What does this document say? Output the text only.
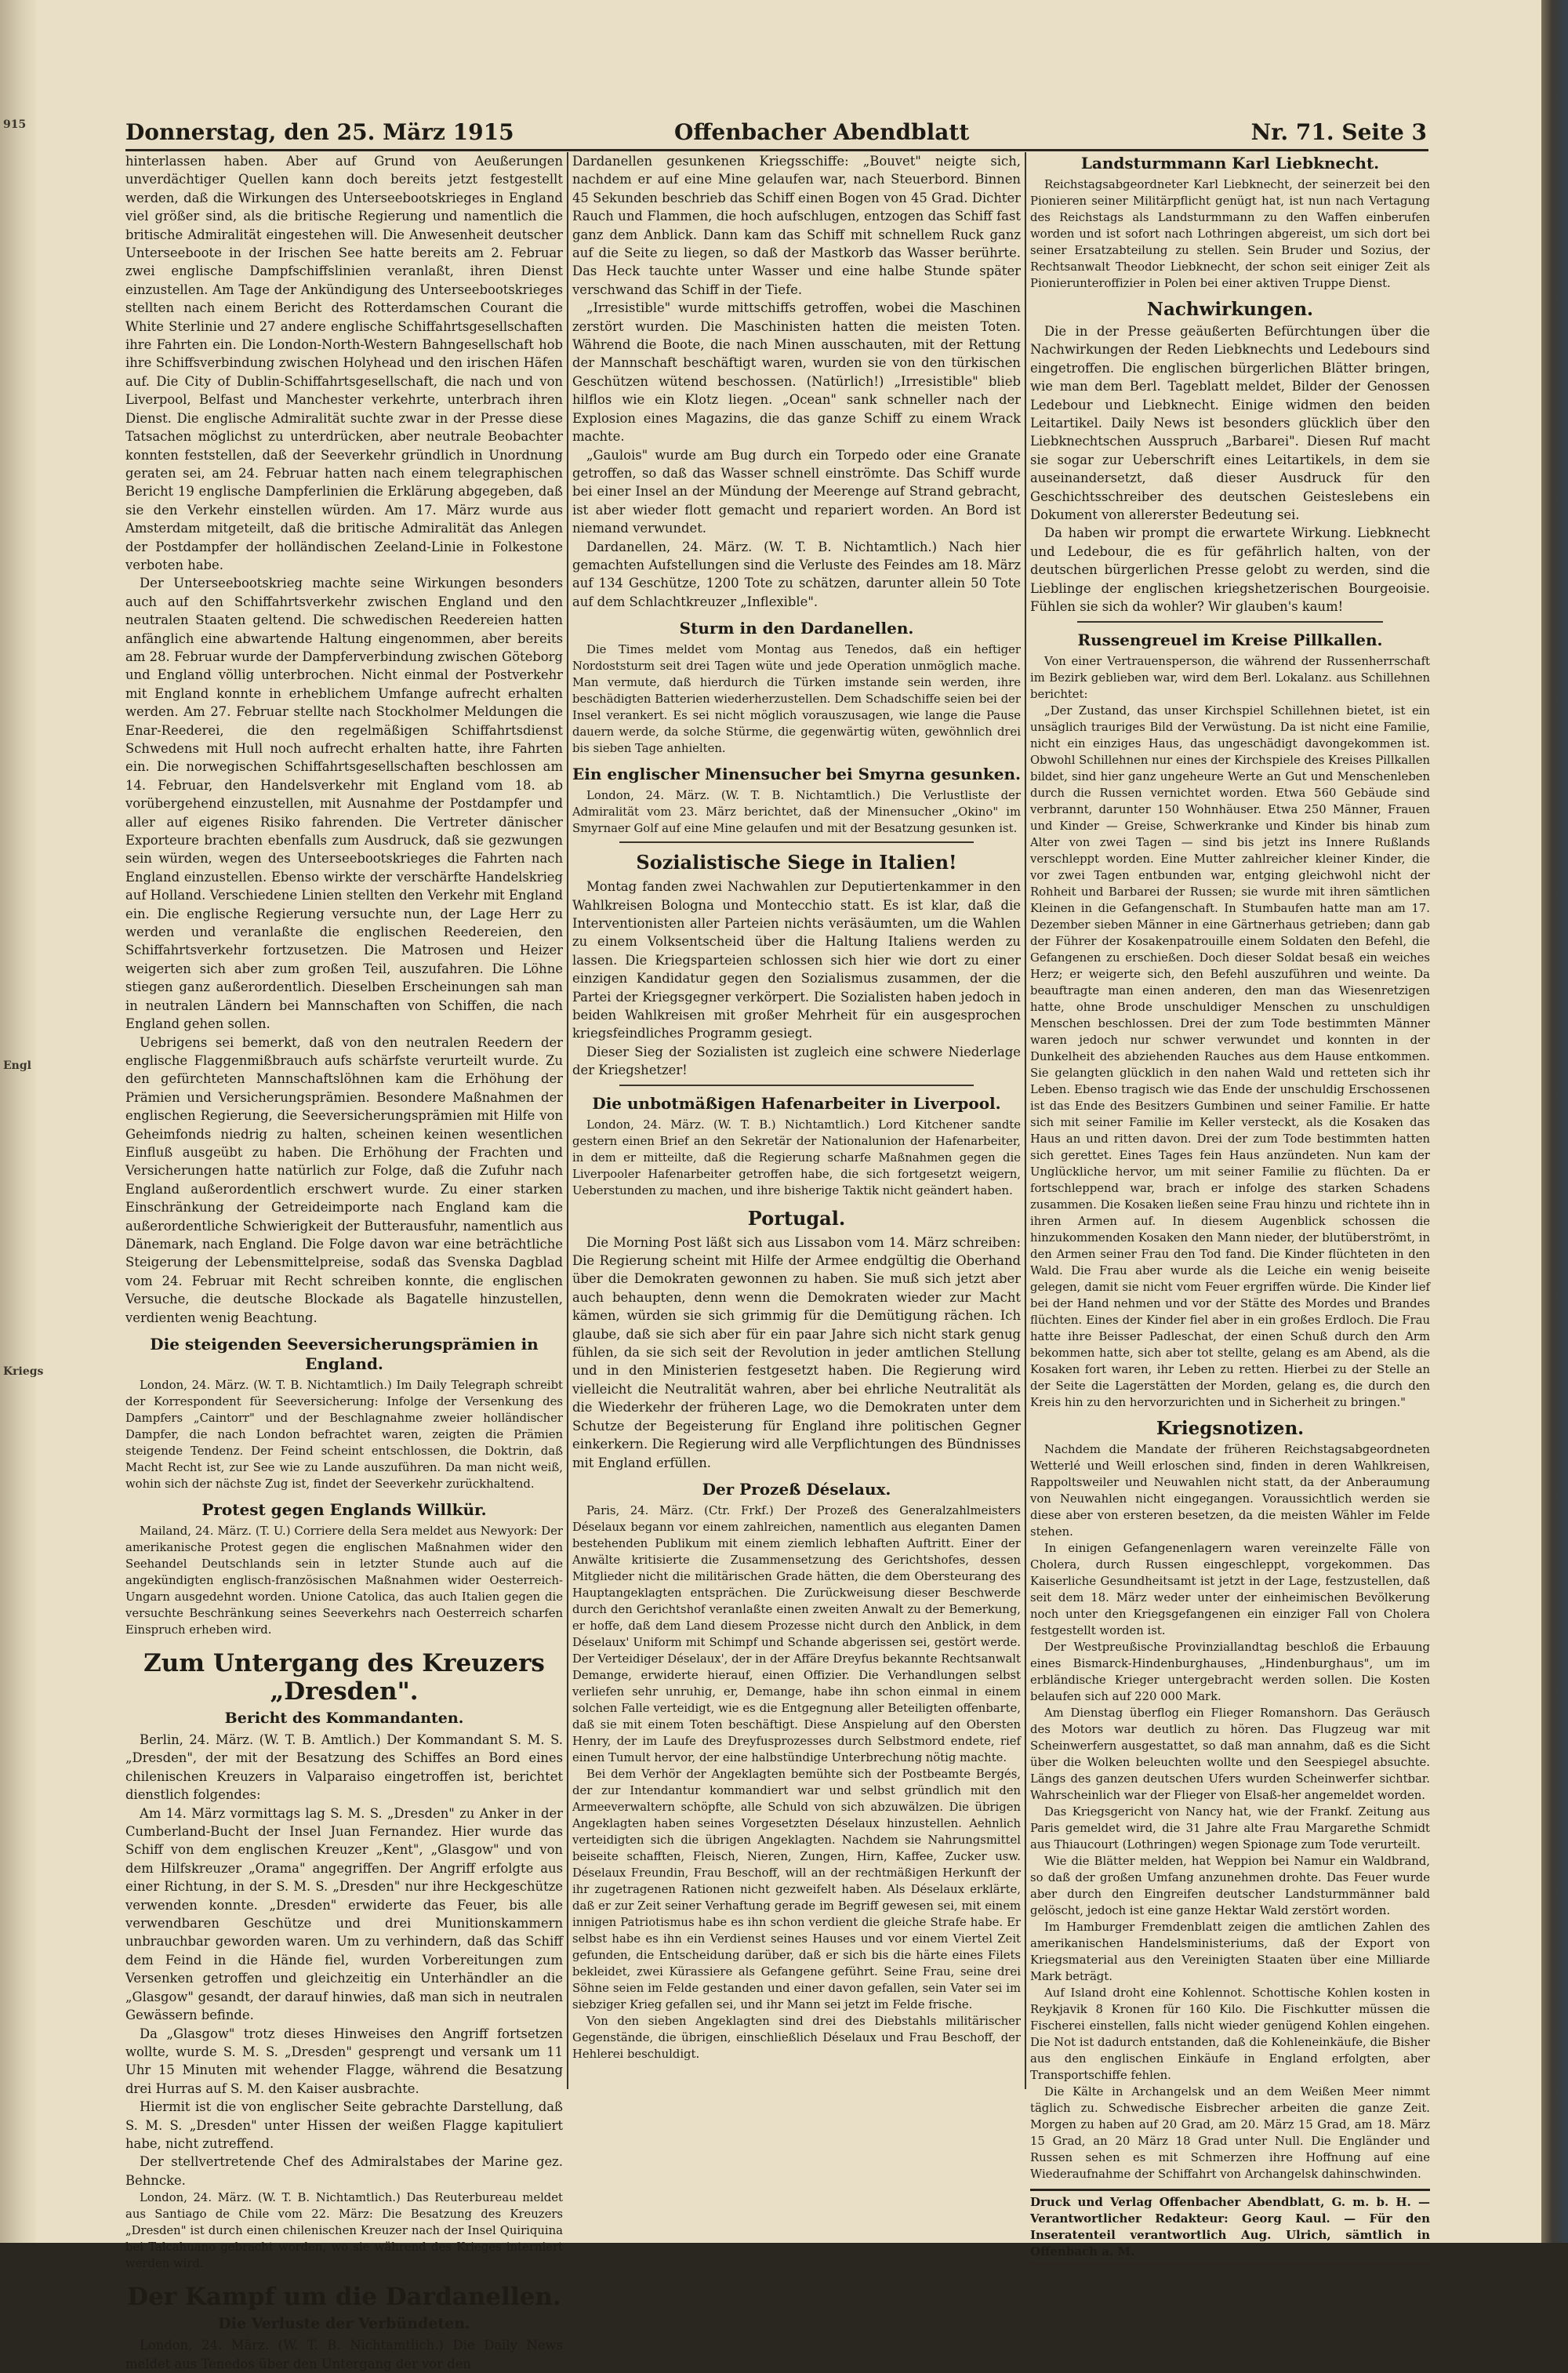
915
Engl
Kriegs
Donnerstag, den 25. März 1915	Offenbacher Abendblatt	Nr. 71. Seite 3

hinterlassen haben. Aber auf Grund von Aeußerungen unverdächtiger Quellen kann doch bereits jetzt festgestellt werden, daß die Wirkungen des Unterseebootskrieges in England viel größer sind, als die britische Regierung und namentlich die britische Admiralität eingestehen will. Die Anwesenheit deutscher Unterseeboote in der Irischen See hatte bereits am 2. Februar zwei englische Dampfschiffslinien veranlaßt, ihren Dienst einzustellen. Am Tage der Ankündigung des Unterseebootskrieges stellten nach einem Bericht des Rotterdamschen Courant die White Sterlinie und 27 andere englische Schiffahrtsgesellschaften ihre Fahrten ein. Die London-North-Western Bahngesellschaft hob ihre Schiffsverbindung zwischen Holyhead und den irischen Häfen auf. Die City of Dublin-Schiffahrtsgesellschaft, die nach und von Liverpool, Belfast und Manchester verkehrte, unterbrach ihren Dienst. Die englische Admiralität suchte zwar in der Presse diese Tatsachen möglichst zu unterdrücken, aber neutrale Beobachter konnten feststellen, daß der Seeverkehr gründlich in Unordnung geraten sei, am 24. Februar hatten nach einem telegraphischen Bericht 19 englische Dampferlinien die Erklärung abgegeben, daß sie den Verkehr einstellen würden. Am 17. März wurde aus Amsterdam mitgeteilt, daß die britische Admiralität das Anlegen der Postdampfer der holländischen Zeeland-Linie in Folkestone verboten habe.

Der Unterseebootskrieg machte seine Wirkungen besonders auch auf den Schiffahrtsverkehr zwischen England und den neutralen Staaten geltend. Die schwedischen Reedereien hatten anfänglich eine abwartende Haltung eingenommen, aber bereits am 28. Februar wurde der Dampferverbindung zwischen Göteborg und England völlig unterbrochen. Nicht einmal der Postverkehr mit England konnte in erheblichem Umfange aufrecht erhalten werden. Am 27. Februar stellte nach Stockholmer Meldungen die Enar-Reederei, die den regelmäßigen Schiffahrtsdienst Schwedens mit Hull noch aufrecht erhalten hatte, ihre Fahrten ein. Die norwegischen Schiffahrtsgesellschaften beschlossen am 14. Februar, den Handelsverkehr mit England vom 18. ab vorübergehend einzustellen, mit Ausnahme der Postdampfer und aller auf eigenes Risiko fahrenden. Die Vertreter dänischer Exporteure brachten ebenfalls zum Ausdruck, daß sie gezwungen sein würden, wegen des Unterseebootskrieges die Fahrten nach England einzustellen. Ebenso wirkte der verschärfte Handelskrieg auf Holland. Verschiedene Linien stellten den Verkehr mit England ein. Die englische Regierung versuchte nun, der Lage Herr zu werden und veranlaßte die englischen Reedereien, den Schiffahrtsverkehr fortzusetzen. Die Matrosen und Heizer weigerten sich aber zum großen Teil, auszufahren. Die Löhne stiegen ganz außerordentlich. Dieselben Erscheinungen sah man in neutralen Ländern bei Mannschaften von Schiffen, die nach England gehen sollen.

Uebrigens sei bemerkt, daß von den neutralen Reedern der englische Flaggenmißbrauch aufs schärfste verurteilt wurde. Zu den gefürchteten Mannschaftslöhnen kam die Erhöhung der Prämien und Versicherungsprämien. Besondere Maßnahmen der englischen Regierung, die Seeversicherungsprämien mit Hilfe von Geheimfonds niedrig zu halten, scheinen keinen wesentlichen Einfluß ausgeübt zu haben. Die Erhöhung der Frachten und Versicherungen hatte natürlich zur Folge, daß die Zufuhr nach England außerordentlich erschwert wurde. Zu einer starken Einschränkung der Getreideimporte nach England kam die außerordentliche Schwierigkeit der Butterausfuhr, namentlich aus Dänemark, nach England. Die Folge davon war eine beträchtliche Steigerung der Lebensmittelpreise, sodaß das Svenska Dagblad vom 24. Februar mit Recht schreiben konnte, die englischen Versuche, die deutsche Blockade als Bagatelle hinzustellen, verdienten wenig Beachtung.

Die steigenden Seeversicherungsprämien in England.

London, 24. März. (W. T. B. Nichtamtlich.) Im Daily Telegraph schreibt der Korrespondent für Seeversicherung: Infolge der Versenkung des Dampfers „Caintorr" und der Beschlagnahme zweier holländischer Dampfer, die nach London befrachtet waren, zeigten die Prämien steigende Tendenz. Der Feind scheint entschlossen, die Doktrin, daß Macht Recht ist, zur See wie zu Lande auszuführen. Da man nicht weiß, wohin sich der nächste Zug ist, findet der Seeverkehr zurückhaltend.

Protest gegen Englands Willkür.

Mailand, 24. März. (T. U.) Corriere della Sera meldet aus Newyork: Der amerikanische Protest gegen die englischen Maßnahmen wider den Seehandel Deutschlands sein in letzter Stunde auch auf die angekündigten englisch-französischen Maßnahmen wider Oesterreich-Ungarn ausgedehnt worden. Unione Catolica, das auch Italien gegen die versuchte Beschränkung seines Seeverkehrs nach Oesterreich scharfen Einspruch erheben wird.

Zum Untergang des Kreuzers „Dresden".
Bericht des Kommandanten.

Berlin, 24. März. (W. T. B. Amtlich.) Der Kommandant S. M. S. „Dresden", der mit der Besatzung des Schiffes an Bord eines chilenischen Kreuzers in Valparaiso eingetroffen ist, berichtet dienstlich folgendes:

Am 14. März vormittags lag S. M. S. „Dresden" zu Anker in der Cumberland-Bucht der Insel Juan Fernandez. Hier wurde das Schiff von dem englischen Kreuzer „Kent", „Glasgow" und von dem Hilfskreuzer „Orama" angegriffen. Der Angriff erfolgte aus einer Richtung, in der S. M. S. „Dresden" nur ihre Heckgeschütze verwenden konnte. „Dresden" erwiderte das Feuer, bis alle verwendbaren Geschütze und drei Munitionskammern unbrauchbar geworden waren. Um zu verhindern, daß das Schiff dem Feind in die Hände fiel, wurden Vorbereitungen zum Versenken getroffen und gleichzeitig ein Unterhändler an die „Glasgow" gesandt, der darauf hinwies, daß man sich in neutralen Gewässern befinde.

Da „Glasgow" trotz dieses Hinweises den Angriff fortsetzen wollte, wurde S. M. S. „Dresden" gesprengt und versank um 11 Uhr 15 Minuten mit wehender Flagge, während die Besatzung drei Hurras auf S. M. den Kaiser ausbrachte.

Hiermit ist die von englischer Seite gebrachte Darstellung, daß S. M. S. „Dresden" unter Hissen der weißen Flagge kapituliert habe, nicht zutreffend.

Der stellvertretende Chef des Admiralstabes der Marine gez. Behncke.

London, 24. März. (W. T. B. Nichtamtlich.) Das Reuterbureau meldet aus Santiago de Chile vom 22. März: Die Besatzung des Kreuzers „Dresden" ist durch einen chilenischen Kreuzer nach der Insel Quiriquina bei Talcahuano gebracht worden, wo sie während des Krieges interniert werden wird.

Der Kampf um die Dardanellen.
Die Verluste der Verbündeten.

London, 24. März. (W. T. B. Nichtamtlich.) Die Daily News meldet aus Tenedos über den Untergang der vor den

Dardanellen gesunkenen Kriegsschiffe: „Bouvet" neigte sich, nachdem er auf eine Mine gelaufen war, nach Steuerbord. Binnen 45 Sekunden beschrieb das Schiff einen Bogen von 45 Grad. Dichter Rauch und Flammen, die hoch aufschlugen, entzogen das Schiff fast ganz dem Anblick. Dann kam das Schiff mit schnellem Ruck ganz auf die Seite zu liegen, so daß der Mastkorb das Wasser berührte. Das Heck tauchte unter Wasser und eine halbe Stunde später verschwand das Schiff in der Tiefe.

„Irresistible" wurde mittschiffs getroffen, wobei die Maschinen zerstört wurden. Die Maschinisten hatten die meisten Toten. Während die Boote, die nach Minen ausschauten, mit der Rettung der Mannschaft beschäftigt waren, wurden sie von den türkischen Geschützen wütend beschossen. (Natürlich!) „Irresistible" blieb hilflos wie ein Klotz liegen. „Ocean" sank schneller nach der Explosion eines Magazins, die das ganze Schiff zu einem Wrack machte.

„Gaulois" wurde am Bug durch ein Torpedo oder eine Granate getroffen, so daß das Wasser schnell einströmte. Das Schiff wurde bei einer Insel an der Mündung der Meerenge auf Strand gebracht, ist aber wieder flott gemacht und repariert worden. An Bord ist niemand verwundet.

Dardanellen, 24. März. (W. T. B. Nichtamtlich.) Nach hier gemachten Aufstellungen sind die Verluste des Feindes am 18. März auf 134 Geschütze, 1200 Tote zu schätzen, darunter allein 50 Tote auf dem Schlachtkreuzer „Inflexible".

Sturm in den Dardanellen.

Die Times meldet vom Montag aus Tenedos, daß ein heftiger Nordoststurm seit drei Tagen wüte und jede Operation unmöglich mache. Man vermute, daß hierdurch die Türken imstande sein werden, ihre beschädigten Batterien wiederherzustellen. Dem Schadschiffe seien bei der Insel verankert. Es sei nicht möglich vorauszusagen, wie lange die Pause dauern werde, da solche Stürme, die gegenwärtig wüten, gewöhnlich drei bis sieben Tage anhielten.

Ein englischer Minensucher bei Smyrna gesunken.

London, 24. März. (W. T. B. Nichtamtlich.) Die Verlustliste der Admiralität vom 23. März berichtet, daß der Minensucher „Okino" im Smyrnaer Golf auf eine Mine gelaufen und mit der Besatzung gesunken ist.

Sozialistische Siege in Italien!

Montag fanden zwei Nachwahlen zur Deputiertenkammer in den Wahlkreisen Bologna und Montecchio statt. Es ist klar, daß die Interventionisten aller Parteien nichts veräsäumten, um die Wahlen zu einem Volksentscheid über die Haltung Italiens werden zu lassen. Die Kriegsparteien schlossen sich hier wie dort zu einer einzigen Kandidatur gegen den Sozialismus zusammen, der die Partei der Kriegsgegner verkörpert. Die Sozialisten haben jedoch in beiden Wahlkreisen mit großer Mehrheit für ein ausgesprochen kriegsfeindliches Programm gesiegt.

Dieser Sieg der Sozialisten ist zugleich eine schwere Niederlage der Kriegshetzer!

Die unbotmäßigen Hafenarbeiter in Liverpool.

London, 24. März. (W. T. B.) Nichtamtlich.) Lord Kitchener sandte gestern einen Brief an den Sekretär der Nationalunion der Hafenarbeiter, in dem er mitteilte, daß die Regierung scharfe Maßnahmen gegen die Liverpooler Hafenarbeiter getroffen habe, die sich fortgesetzt weigern, Ueberstunden zu machen, und ihre bisherige Taktik nicht geändert haben.

Portugal.

Die Morning Post läßt sich aus Lissabon vom 14. März schreiben: Die Regierung scheint mit Hilfe der Armee endgültig die Oberhand über die Demokraten gewonnen zu haben. Sie muß sich jetzt aber auch behaupten, denn wenn die Demokraten wieder zur Macht kämen, würden sie sich grimmig für die Demütigung rächen. Ich glaube, daß sie sich aber für ein paar Jahre sich nicht stark genug fühlen, da sie sich seit der Revolution in jeder amtlichen Stellung und in den Ministerien festgesetzt haben. Die Regierung wird vielleicht die Neutralität wahren, aber bei ehrliche Neutralität als die Wiederkehr der früheren Lage, wo die Demokraten unter dem Schutze der Begeisterung für England ihre politischen Gegner einkerkern. Die Regierung wird alle Verpflichtungen des Bündnisses mit England erfüllen.

Der Prozeß Déselaux.

Paris, 24. März. (Ctr. Frkf.) Der Prozeß des Generalzahlmeisters Déselaux begann vor einem zahlreichen, namentlich aus eleganten Damen bestehenden Publikum mit einem ziemlich lebhaften Auftritt. Einer der Anwälte kritisierte die Zusammensetzung des Gerichtshofes, dessen Mitglieder nicht die militärischen Grade hätten, die dem Obersteurang des Hauptangeklagten entsprächen. Die Zurückweisung dieser Beschwerde durch den Gerichtshof veranlaßte einen zweiten Anwalt zu der Bemerkung, er hoffe, daß dem Land diesem Prozesse nicht durch den Anblick, in dem Déselaux' Uniform mit Schimpf und Schande abgerissen sei, gestört werde. Der Verteidiger Déselaux', der in der Affäre Dreyfus bekannte Rechtsanwalt Demange, erwiderte hierauf, einen Offizier. Die Verhandlungen selbst verliefen sehr unruhig, er, Demange, habe ihn schon einmal in einem solchen Falle verteidigt, wie es die Entgegnung aller Beteiligten offenbarte, daß sie mit einem Toten beschäftigt. Diese Anspielung auf den Obersten Henry, der im Laufe des Dreyfusprozesses durch Selbstmord endete, rief einen Tumult hervor, der eine halbstündige Unterbrechung nötig machte.

Bei dem Verhör der Angeklagten bemühte sich der Postbeamte Bergés, der zur Intendantur kommandiert war und selbst gründlich mit den Armeeverwaltern schöpfte, alle Schuld von sich abzuwälzen. Die übrigen Angeklagten haben seines Vorgesetzten Déselaux hinzustellen. Aehnlich verteidigten sich die übrigen Angeklagten. Nachdem sie Nahrungsmittel beiseite schafften, Fleisch, Nieren, Zungen, Hirn, Kaffee, Zucker usw. Déselaux Freundin, Frau Beschoff, will an der rechtmäßigen Herkunft der ihr zugetragenen Rationen nicht gezweifelt haben. Als Déselaux erklärte, daß er zur Zeit seiner Verhaftung gerade im Begriff gewesen sei, mit einem innigen Patriotismus habe es ihn schon verdient die gleiche Strafe habe. Er selbst habe es ihn ein Verdienst seines Hauses und vor einem Viertel Zeit gefunden, die Entscheidung darüber, daß er sich bis die härte eines Filets bekleidet, zwei Kürassiere als Gefangene geführt. Seine Frau, seine drei Söhne seien im Felde gestanden und einer davon gefallen, sein Vater sei im siebziger Krieg gefallen sei, und ihr Mann sei jetzt im Felde frische.

Von den sieben Angeklagten sind drei des Diebstahls militärischer Gegenstände, die übrigen, einschließlich Déselaux und Frau Beschoff, der Hehlerei beschuldigt.

Landsturmmann Karl Liebknecht.

Reichstagsabgeordneter Karl Liebknecht, der seinerzeit bei den Pionieren seiner Militärpflicht genügt hat, ist nun nach Vertagung des Reichstags als Landsturmmann zu den Waffen einberufen worden und ist sofort nach Lothringen abgereist, um sich dort bei seiner Ersatzabteilung zu stellen. Sein Bruder und Sozius, der Rechtsanwalt Theodor Liebknecht, der schon seit einiger Zeit als Pionierunteroffizier in Polen bei einer aktiven Truppe Dienst.

Nachwirkungen.

Die in der Presse geäußerten Befürchtungen über die Nachwirkungen der Reden Liebknechts und Ledebours sind eingetroffen. Die englischen bürgerlichen Blätter bringen, wie man dem Berl. Tageblatt meldet, Bilder der Genossen Ledebour und Liebknecht. Einige widmen den beiden Leitartikel. Daily News ist besonders glücklich über den Liebknechtschen Ausspruch „Barbarei". Diesen Ruf macht sie sogar zur Ueberschrift eines Leitartikels, in dem sie auseinandersetzt, daß dieser Ausdruck für den Geschichtsschreiber des deutschen Geisteslebens ein Dokument von allererster Bedeutung sei.

Da haben wir prompt die erwartete Wirkung. Liebknecht und Ledebour, die es für gefährlich halten, von der deutschen bürgerlichen Presse gelobt zu werden, sind die Lieblinge der englischen kriegshetzerischen Bourgeoisie. Fühlen sie sich da wohler? Wir glauben's kaum!

Russengreuel im Kreise Pillkallen.

Von einer Vertrauensperson, die während der Russenherrschaft im Bezirk geblieben war, wird dem Berl. Lokalanz. aus Schillehnen berichtet:

„Der Zustand, das unser Kirchspiel Schillehnen bietet, ist ein unsäglich trauriges Bild der Verwüstung. Da ist nicht eine Familie, nicht ein einziges Haus, das ungeschädigt davongekommen ist. Obwohl Schillehnen nur eines der Kirchspiele des Kreises Pillkallen bildet, sind hier ganz ungeheure Werte an Gut und Menschenleben durch die Russen vernichtet worden. Etwa 560 Gebäude sind verbrannt, darunter 150 Wohnhäuser. Etwa 250 Männer, Frauen und Kinder — Greise, Schwerkranke und Kinder bis hinab zum Alter von zwei Tagen — sind bis jetzt ins Innere Rußlands verschleppt worden. Eine Mutter zahlreicher kleiner Kinder, die vor zwei Tagen entbunden war, entging gleichwohl nicht der Rohheit und Barbarei der Russen; sie wurde mit ihren sämtlichen Kleinen in die Gefangenschaft. In Stumbaufen hatte man am 17. Dezember sieben Männer in eine Gärtnerhaus getrieben; dann gab der Führer der Kosakenpatrouille einem Soldaten den Befehl, die Gefangenen zu erschießen. Doch dieser Soldat besaß ein weiches Herz; er weigerte sich, den Befehl auszuführen und weinte. Da beauftragte man einen anderen, den man das Wiesenretzigen hatte, ohne Brode unschuldiger Menschen zu unschuldigen Menschen beschlossen. Drei der zum Tode bestimmten Männer waren jedoch nur schwer verwundet und konnten in der Dunkelheit des abziehenden Rauches aus dem Hause entkommen. Sie gelangten glücklich in den nahen Wald und retteten sich ihr Leben. Ebenso tragisch wie das Ende der unschuldig Erschossenen ist das Ende des Besitzers Gumbinen und seiner Familie. Er hatte sich mit seiner Familie im Keller versteckt, als die Kosaken das Haus an und ritten davon. Drei der zum Tode bestimmten hatten sich gerettet. Eines Tages fein Haus anzündeten. Nun kam der Unglückliche hervor, um mit seiner Familie zu flüchten. Da er fortschleppend war, brach er infolge des starken Schadens zusammen. Die Kosaken ließen seine Frau hinzu und richtete ihn in ihren Armen auf. In diesem Augenblick schossen die hinzukommenden Kosaken den Mann nieder, der blutüberströmt, in den Armen seiner Frau den Tod fand. Die Kinder flüchteten in den Wald. Die Frau aber wurde als die Leiche ein wenig beiseite gelegen, damit sie nicht vom Feuer ergriffen würde. Die Kinder lief bei der Hand nehmen und vor der Stätte des Mordes und Brandes flüchten. Eines der Kinder fiel aber in ein großes Erdloch. Die Frau hatte ihre Beisser Padleschat, der einen Schuß durch den Arm bekommen hatte, sich aber tot stellte, gelang es am Abend, als die Kosaken fort waren, ihr Leben zu retten. Hierbei zu der Stelle an der Seite die Lagerstätten der Morden, gelang es, die durch den Kreis hin zu den hervorzurichten und in Sicherheit zu bringen."

Kriegsnotizen.

Nachdem die Mandate der früheren Reichstagsabgeordneten Wetterlé und Weill erloschen sind, finden in deren Wahlkreisen, Rappoltsweiler und Neuwahlen nicht statt, da der Anberaumung von Neuwahlen nicht eingegangen. Voraussichtlich werden sie diese aber von ersteren besetzen, da die meisten Wähler im Felde stehen.

In einigen Gefangenenlagern waren vereinzelte Fälle von Cholera, durch Russen eingeschleppt, vorgekommen. Das Kaiserliche Gesundheitsamt ist jetzt in der Lage, festzustellen, daß seit dem 18. März weder unter der einheimischen Bevölkerung noch unter den Kriegsgefangenen ein einziger Fall von Cholera festgestellt worden ist.

Der Westpreußische Provinziallandtag beschloß die Erbauung eines Bismarck-Hindenburghauses, „Hindenburghaus", um im erbländische Krieger untergebracht werden sollen. Die Kosten belaufen sich auf 220 000 Mark.

Am Dienstag überflog ein Flieger Romanshorn. Das Geräusch des Motors war deutlich zu hören. Das Flugzeug war mit Scheinwerfern ausgestattet, so daß man annahm, daß es die Sicht über die Wolken beleuchten wollte und den Seespiegel absuchte. Längs des ganzen deutschen Ufers wurden Scheinwerfer sichtbar. Wahrscheinlich war der Flieger von Elsaß-her angemeldet worden.

Das Kriegsgericht von Nancy hat, wie der Frankf. Zeitung aus Paris gemeldet wird, die 31 Jahre alte Frau Margarethe Schmidt aus Thiaucourt (Lothringen) wegen Spionage zum Tode verurteilt.

Wie die Blätter melden, hat Weppion bei Namur ein Waldbrand, so daß der großen Umfang anzunehmen drohte. Das Feuer wurde aber durch den Eingreifen deutscher Landsturmmänner bald gelöscht, jedoch ist eine ganze Hektar Wald zerstört worden.

Im Hamburger Fremdenblatt zeigen die amtlichen Zahlen des amerikanischen Handelsministeriums, daß der Export von Kriegsmaterial aus den Vereinigten Staaten über eine Milliarde Mark beträgt.

Auf Island droht eine Kohlennot. Schottische Kohlen kosten in Reykjavik 8 Kronen für 160 Kilo. Die Fischkutter müssen die Fischerei einstellen, falls nicht wieder genügend Kohlen eingehen. Die Not ist dadurch entstanden, daß die Kohleneinkäufe, die Bisher aus den englischen Einkäufe in England erfolgten, aber Transportschiffe fehlen.

Die Kälte in Archangelsk und an dem Weißen Meer nimmt täglich zu. Schwedische Eisbrecher arbeiten die ganze Zeit. Morgen zu haben auf 20 Grad, am 20. März 15 Grad, am 18. März 15 Grad, an 20 März 18 Grad unter Null. Die Engländer und Russen sehen es mit Schmerzen ihre Hoffnung auf eine Wiederaufnahme der Schiffahrt von Archangelsk dahinschwinden.

Druck und Verlag Offenbacher Abendblatt, G. m. b. H. — Verantwortlicher Redakteur: Georg Kaul. — Für den Inseratenteil verantwortlich Aug. Ulrich, sämtlich in Offenbach a. M.
